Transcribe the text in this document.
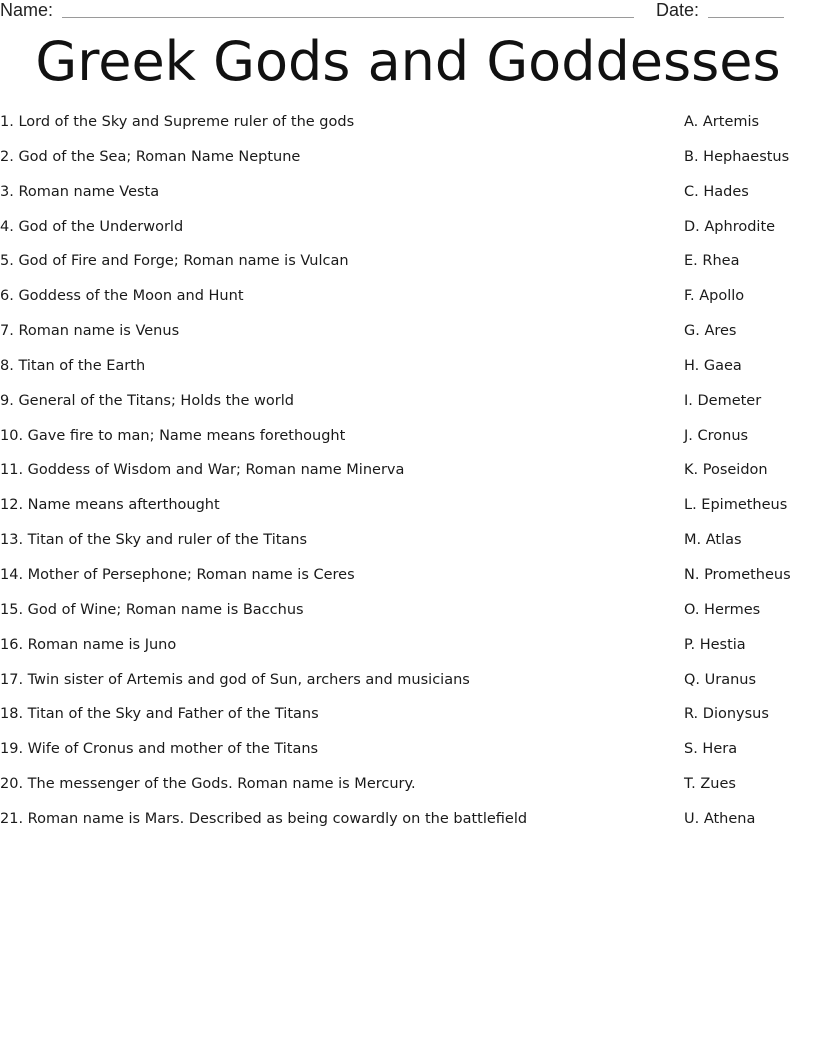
Name:	Date:
Greek Gods and Goddesses
1. Lord of the Sky and Supreme ruler of the gods
2. God of the Sea; Roman Name Neptune
3. Roman name Vesta
4. God of the Underworld
5. God of Fire and Forge; Roman name is Vulcan
6. Goddess of the Moon and Hunt
7. Roman name is Venus
8. Titan of the Earth
9. General of the Titans; Holds the world
10. Gave fire to man; Name means forethought
11. Goddess of Wisdom and War; Roman name Minerva
12. Name means afterthought
13. Titan of the Sky and ruler of the Titans
14. Mother of Persephone; Roman name is Ceres
15. God of Wine; Roman name is Bacchus
16. Roman name is Juno
17. Twin sister of Artemis and god of Sun, archers and musicians
18. Titan of the Sky and Father of the Titans
19. Wife of Cronus and mother of the Titans
20. The messenger of the Gods. Roman name is Mercury.
21. Roman name is Mars. Described as being cowardly on the battlefield
A. Artemis
B. Hephaestus
C. Hades
D. Aphrodite
E. Rhea
F. Apollo
G. Ares
H. Gaea
I. Demeter
J. Cronus
K. Poseidon
L. Epimetheus
M. Atlas
N. Prometheus
O. Hermes
P. Hestia
Q. Uranus
R. Dionysus
S. Hera
T. Zues
U. Athena
